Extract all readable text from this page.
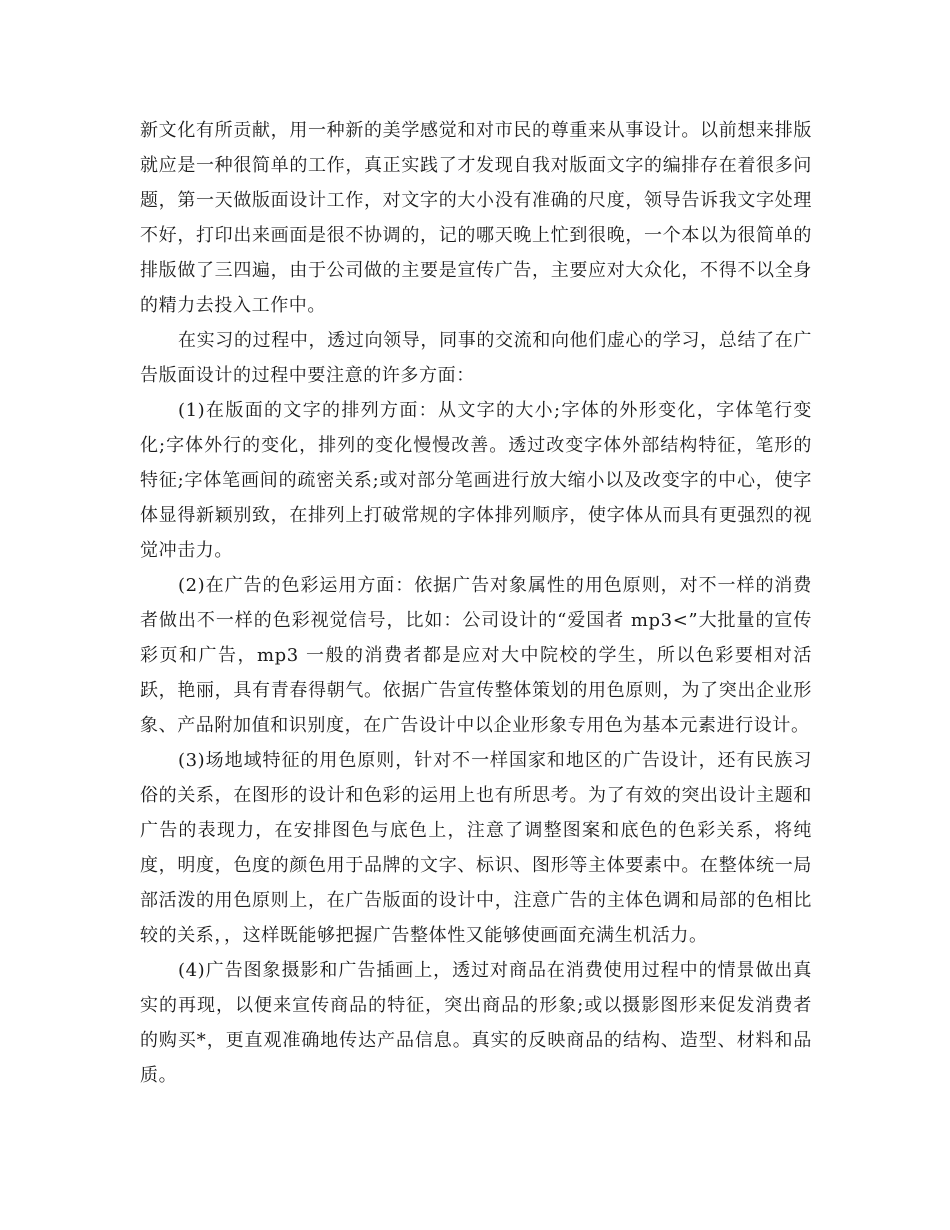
新文化有所贡献，用一种新的美学感觉和对市民的尊重来从事设计。以前想来排版就应是一种很简单的工作，真正实践了才发现自我对版面文字的编排存在着很多问题，第一天做版面设计工作，对文字的大小没有准确的尺度，领导告诉我文字处理不好，打印出来画面是很不协调的，记的哪天晚上忙到很晚，一个本以为很简单的排版做了三四遍，由于公司做的主要是宣传广告，主要应对大众化，不得不以全身的精力去投入工作中。

在实习的过程中，透过向领导，同事的交流和向他们虚心的学习，总结了在广告版面设计的过程中要注意的许多方面：

(1)在版面的文字的排列方面：从文字的大小;字体的外形变化，字体笔行变化;字体外行的变化，排列的变化慢慢改善。透过改变字体外部结构特征，笔形的特征;字体笔画间的疏密关系;或对部分笔画进行放大缩小以及改变字的中心，使字体显得新颖别致，在排列上打破常规的字体排列顺序，使字体从而具有更强烈的视觉冲击力。

(2)在广告的色彩运用方面：依据广告对象属性的用色原则，对不一样的消费者做出不一样的色彩视觉信号，比如：公司设计的“爱国者 mp3<”大批量的宣传彩页和广告，mp3 一般的消费者都是应对大中院校的学生，所以色彩要相对活跃，艳丽，具有青春得朝气。依据广告宣传整体策划的用色原则，为了突出企业形象、产品附加值和识别度，在广告设计中以企业形象专用色为基本元素进行设计。

(3)场地域特征的用色原则，针对不一样国家和地区的广告设计，还有民族习俗的关系，在图形的设计和色彩的运用上也有所思考。为了有效的突出设计主题和广告的表现力，在安排图色与底色上，注意了调整图案和底色的色彩关系，将纯度，明度，色度的颜色用于品牌的文字、标识、图形等主体要素中。在整体统一局部活泼的用色原则上，在广告版面的设计中，注意广告的主体色调和局部的色相比较的关系，，这样既能够把握广告整体性又能够使画面充满生机活力。

(4)广告图象摄影和广告插画上，透过对商品在消费使用过程中的情景做出真实的再现，以便来宣传商品的特征，突出商品的形象;或以摄影图形来促发消费者的购买*，更直观准确地传达产品信息。真实的反映商品的结构、造型、材料和品质。
